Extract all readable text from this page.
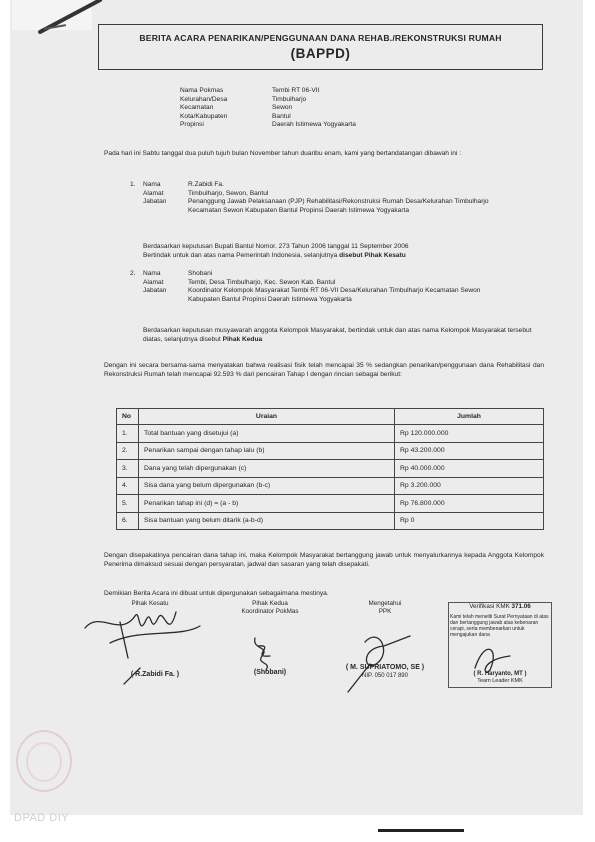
BERITA ACARA PENARIKAN/PENGGUNAAN DANA REHAB./REKONSTRUKSI RUMAH
(BAPPD)
Nama Pokmas	Tembi RT 06-VII
Kelurahan/Desa	Timbulharjo
Kecamatan	Sewon
Kota/Kabupaten	Bantul
Propinsi	Daerah Istimewa Yogyakarta
Pada hari ini Sabtu tanggal dua puluh tujuh bulan November tahun duaribu enam, kami yang bertandatangan dibawah ini :
1.	Nama	R.Zabidi Fa.
Alamat	Timbulharjo, Sewon, Bantul
Jabatan	Penanggung Jawab Pelaksanaan (PJP) Rehabilitasi/Rekonstruksi Rumah Desa/Kelurahan Timbulharjo Kecamatan Sewon Kabupaten Bantul Propinsi Daerah Istimewa Yogyakarta
Berdasarkan keputusan Bupati Bantul Nomor. 273 Tahun 2006 tanggal 11 September 2006
Bertindak untuk dan atas nama Pemerintah Indonesia, selanjutnya disebut Pihak Kesatu
2.	Nama	Shobani
Alamat	Tembi, Desa Timbulharjo, Kec. Sewon Kab. Bantul
Jabatan	Koordinator Kelompok Masyarakat Tembi RT 06-VII Desa/Kelurahan Timbulharjo Kecamatan Sewon Kabupaten Bantul Propinsi Daerah Istimewa Yogyakarta
Berdasarkan keputusan musyawarah anggota Kelompok Masyarakat, bertindak untuk dan atas nama Kelompok Masyarakat tersebut diatas, selanjutnya disebut Pihak Kedua
Dengan ini secara bersama-sama menyatakan bahwa realisasi fisik telah mencapai 35 % sedangkan penarikan/penggunaan dana Rehabilitasi dan Rekonstruksi Rumah telah mencapai 92.593 % dari pencairan Tahap I dengan rincian sebagai berikut:
No	Uraian	Jumlah
1.	Total bantuan yang disetujui (a)	Rp 120.000.000
2.	Penarikan sampai dengan tahap lalu (b)	Rp 43.200.000
3.	Dana yang telah dipergunakan (c)	Rp 40.000.000
4.	Sisa dana yang belum dipergunakan (b-c)	Rp 3.200.000
5.	Penarikan tahap ini (d) = (a - b)	Rp 76.800.000
6.	Sisa bantuan yang belum ditarik (a-b-d)	Rp 0
Dengan disepakatinya pencairan dana tahap ini, maka Kelompok Masyarakat bertanggung jawab untuk menyalurkannya kepada Anggota Kelompok Penerima dimaksud sesuai dengan persyaratan, jadwal dan sasaran yang telah disepakati.
Demikian Berita Acara ini dibuat untuk dipergunakan sebagaimana mestinya.
Pihak Kesatu
( R.Zabidi Fa. )
Pihak Kedua
Koordinator PokMas
(Shobani)
Mengetahui
PPK
( M. SUPRIATOMO, SE )
NIP. 050 017 890
Verifikasi KMK 371.06
Kami telah meneliti Surat Pernyataan di atas dan bertanggung jawab atas kebenaran cerapi, serta membenarkan untuk mengajukan dana
( R. Haryanto, MT )
Team Leader KMK
DPAD DIY
